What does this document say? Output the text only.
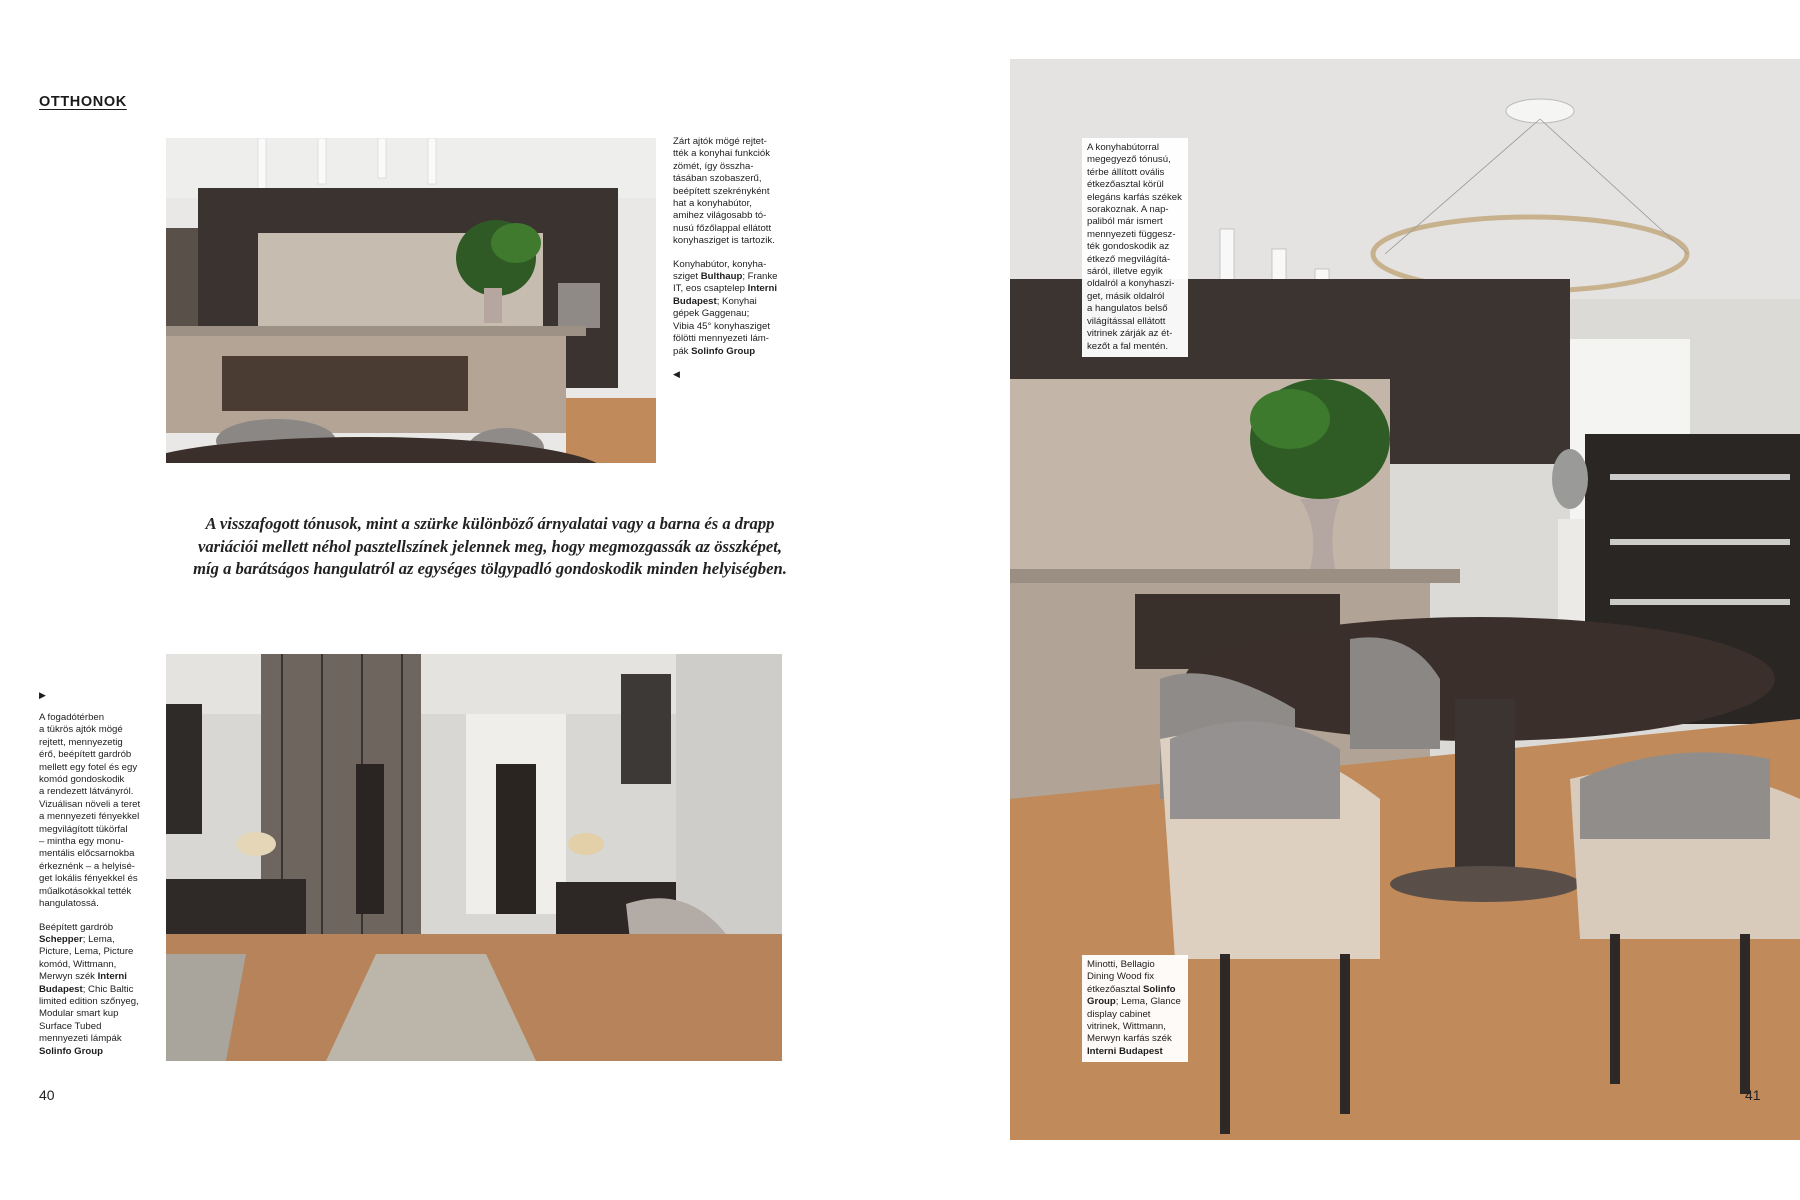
OTTHONOK

Zárt ajtók mögé rejtet-
tték a konyhai funkciók
zömét, így összha-
tásában szobaszerű,
beépített szekrényként
hat a konyhabútor,
amihez világosabb tó-
nusú főzőlappal ellátott
konyhasziget is tartozik.

Konyhabútor, konyha-
sziget Bulthaup; Franke
IT, eos csaptelep Interni
Budapest; Konyhai
gépek Gaggenau;
Vibia 45° konyhasziget
fölötti mennyezeti lám-
pák Solinfo Group

◀
A visszafogott tónusok, mint a szürke különböző árnyalatai vagy a barna és a drapp variációi mellett néhol pasztellszínek jelennek meg, hogy megmozgassák az összképet, míg a barátságos hangulatról az egységes tölgypadló gondoskodik minden helyiségben.
▶

A fogadótérben
a tükrös ajtók mögé
rejtett, mennyezetig
érő, beépített gardrób
mellett egy fotel és egy
komód gondoskodik
a rendezett látványról.
Vizuálisan növeli a teret
a mennyezeti fényekkel
megvilágított tükörfal
– mintha egy monu-
mentális előcsarnokba
érkeznénk – a helyisé-
get lokális fényekkel és
műalkotásokkal tették
hangulatossá.

Beépített gardrób
Schepper; Lema,
Picture, Lema, Picture
komód, Wittmann,
Merwyn szék Interni
Budapest; Chic Baltic
limited edition szőnyeg,
Modular smart kup
Surface Tubed
mennyezeti lámpák
Solinfo Group

40
A konyhabútorral
megegyező tónusú,
térbe állított ovális
étkezőasztal körül
elegáns karfás székek
sorakoznak. A nap-
paliból már ismert
mennyezeti függesz-
ték gondoskodik az
étkező megvilágítá-
sáról, illetve egyik
oldalról a konyhaszi-
get, másik oldalról
a hangulatos belső
világítással ellátott
vitrinek zárják az ét-
kezőt a fal mentén.
Minotti, Bellagio
Dining Wood fix
étkezőasztal Solinfo
Group; Lema, Glance
display cabinet
vitrinek, Wittmann,
Merwyn karfás szék
Interni Budapest
41
